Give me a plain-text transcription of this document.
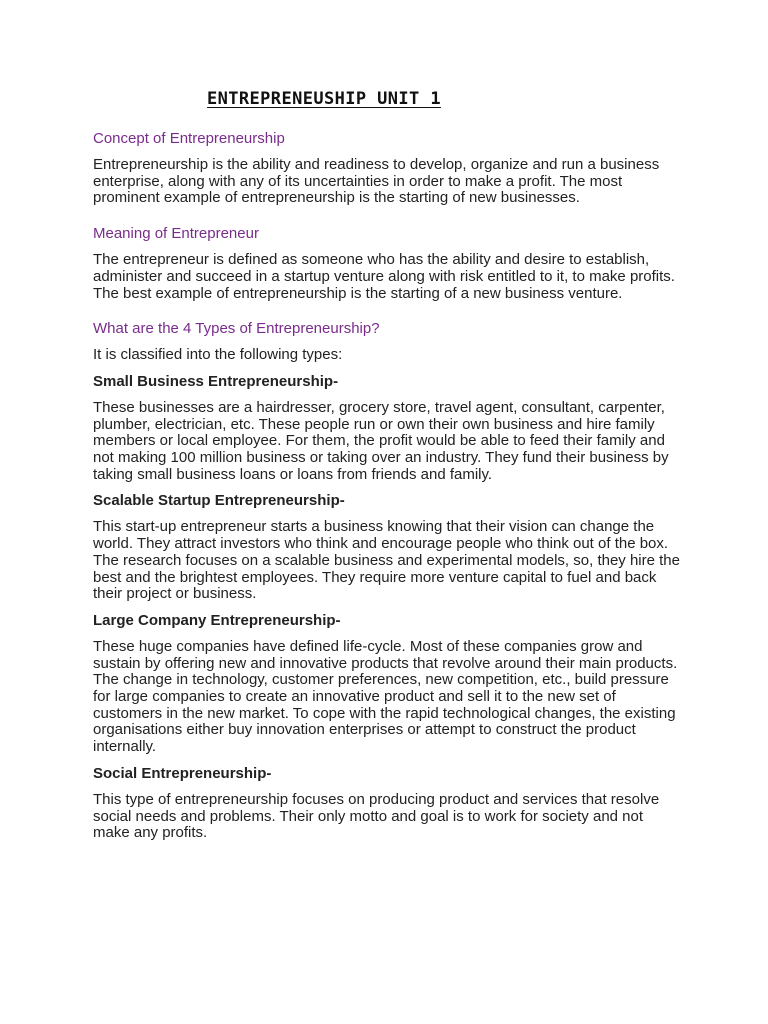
ENTREPRENEUSHIP UNIT 1
Concept of Entrepreneurship

Entrepreneurship is the ability and readiness to develop, organize and run a business enterprise, along with any of its uncertainties in order to make a profit. The most prominent example of entrepreneurship is the starting of new businesses.

Meaning of Entrepreneur

The entrepreneur is defined as someone who has the ability and desire to establish, administer and succeed in a startup venture along with risk entitled to it, to make profits. The best example of entrepreneurship is the starting of a new business venture.

What are the 4 Types of Entrepreneurship?

It is classified into the following types:

Small Business Entrepreneurship-

These businesses are a hairdresser, grocery store, travel agent, consultant, carpenter, plumber, electrician, etc. These people run or own their own business and hire family members or local employee. For them, the profit would be able to feed their family and not making 100 million business or taking over an industry. They fund their business by taking small business loans or loans from friends and family.

Scalable Startup Entrepreneurship-

This start-up entrepreneur starts a business knowing that their vision can change the world. They attract investors who think and encourage people who think out of the box. The research focuses on a scalable business and experimental models, so, they hire the best and the brightest employees. They require more venture capital to fuel and back their project or business.

Large Company Entrepreneurship-

These huge companies have defined life-cycle. Most of these companies grow and sustain by offering new and innovative products that revolve around their main products. The change in technology, customer preferences, new competition, etc., build pressure for large companies to create an innovative product and sell it to the new set of customers in the new market. To cope with the rapid technological changes, the existing organisations either buy innovation enterprises or attempt to construct the product internally.

Social Entrepreneurship-

This type of entrepreneurship focuses on producing product and services that resolve social needs and problems. Their only motto and goal is to work for society and not make any profits.
